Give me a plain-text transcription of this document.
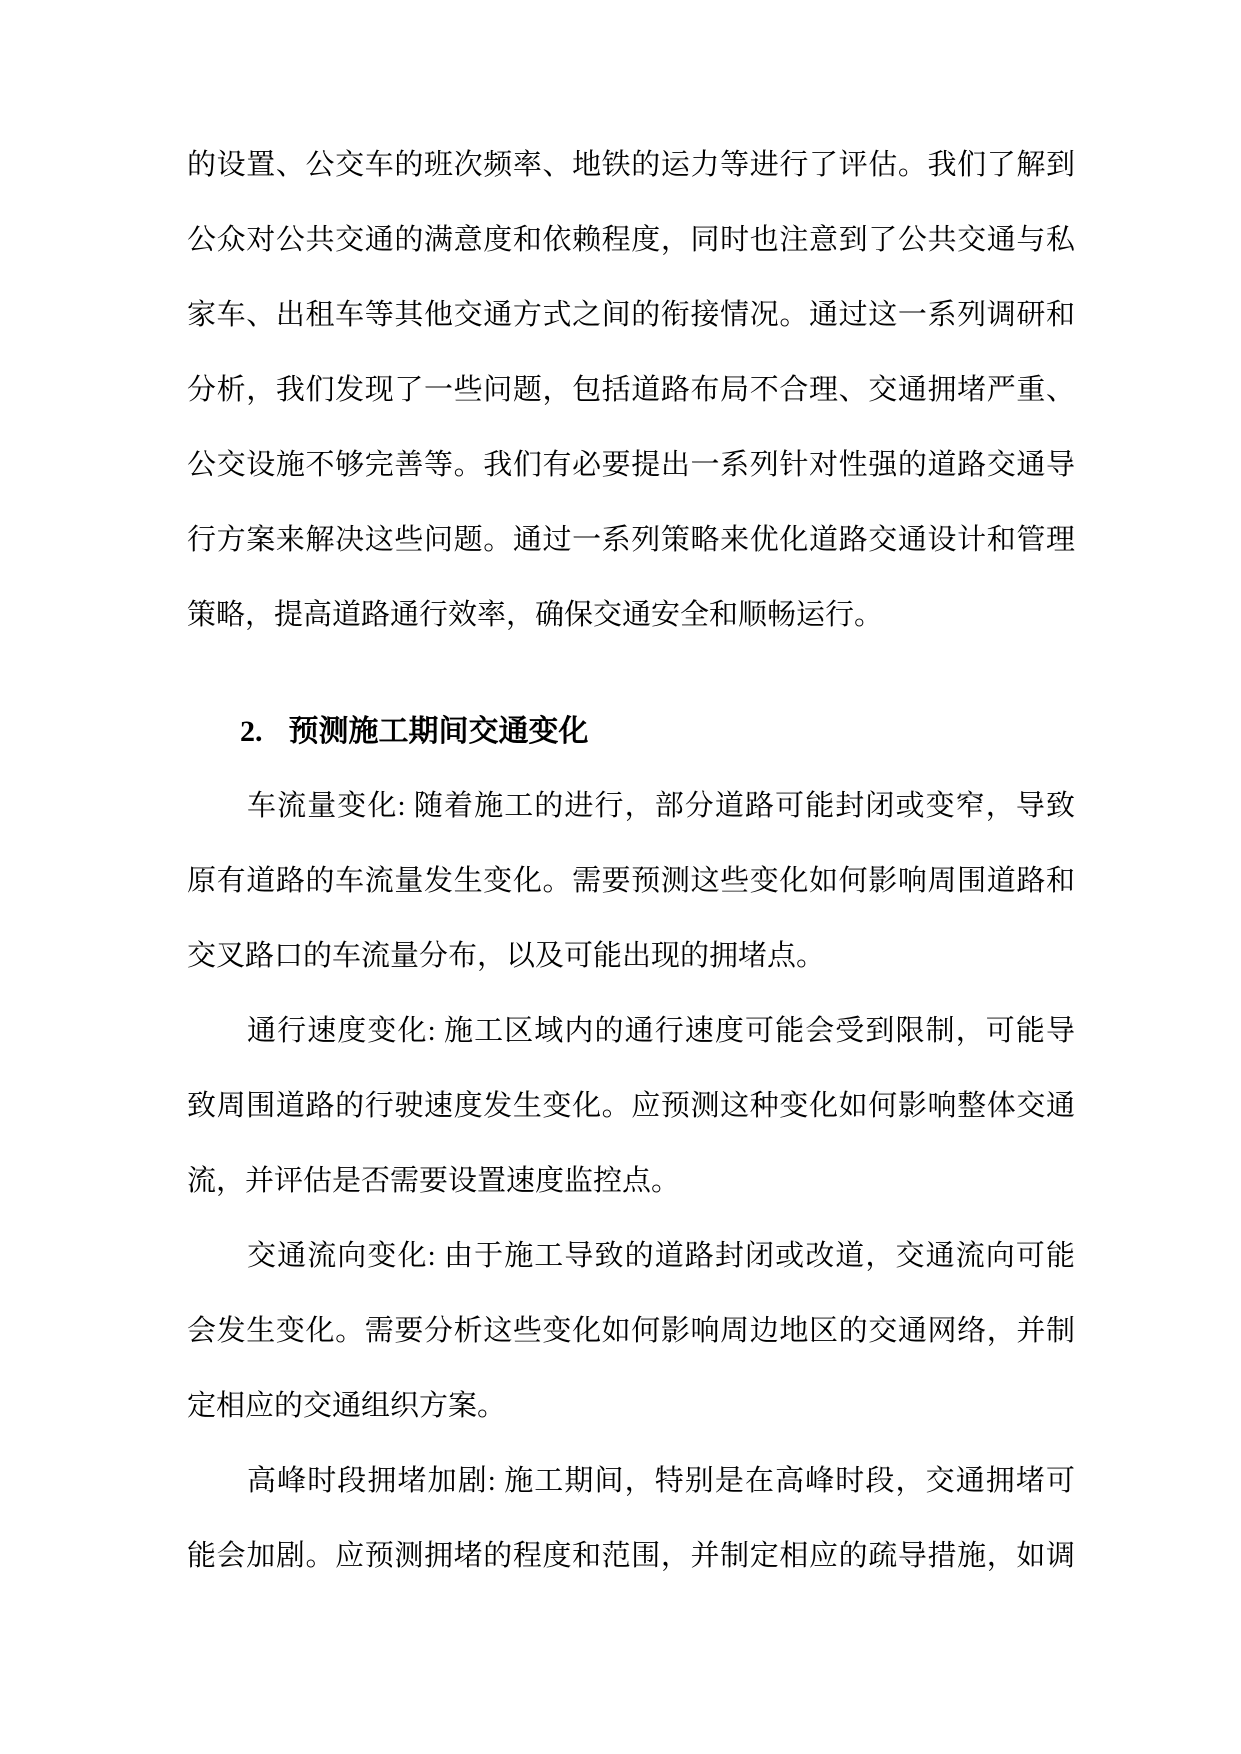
的设置、公交车的班次频率、地铁的运力等进行了评估。我们了解到
公众对公共交通的满意度和依赖程度，同时也注意到了公共交通与私
家车、出租车等其他交通方式之间的衔接情况。通过这一系列调研和
分析，我们发现了一些问题，包括道路布局不合理、交通拥堵严重、
公交设施不够完善等。我们有必要提出一系列针对性强的道路交通导
行方案来解决这些问题。通过一系列策略来优化道路交通设计和管理
策略，提高道路通行效率，确保交通安全和顺畅运行。
2. 预测施工期间交通变化
车流量变化: 随着施工的进行，部分道路可能封闭或变窄，导致
原有道路的车流量发生变化。需要预测这些变化如何影响周围道路和
交叉路口的车流量分布，以及可能出现的拥堵点。
通行速度变化: 施工区域内的通行速度可能会受到限制，可能导
致周围道路的行驶速度发生变化。应预测这种变化如何影响整体交通
流，并评估是否需要设置速度监控点。
交通流向变化: 由于施工导致的道路封闭或改道，交通流向可能
会发生变化。需要分析这些变化如何影响周边地区的交通网络，并制
定相应的交通组织方案。
高峰时段拥堵加剧: 施工期间，特别是在高峰时段，交通拥堵可
能会加剧。应预测拥堵的程度和范围，并制定相应的疏导措施，如调
